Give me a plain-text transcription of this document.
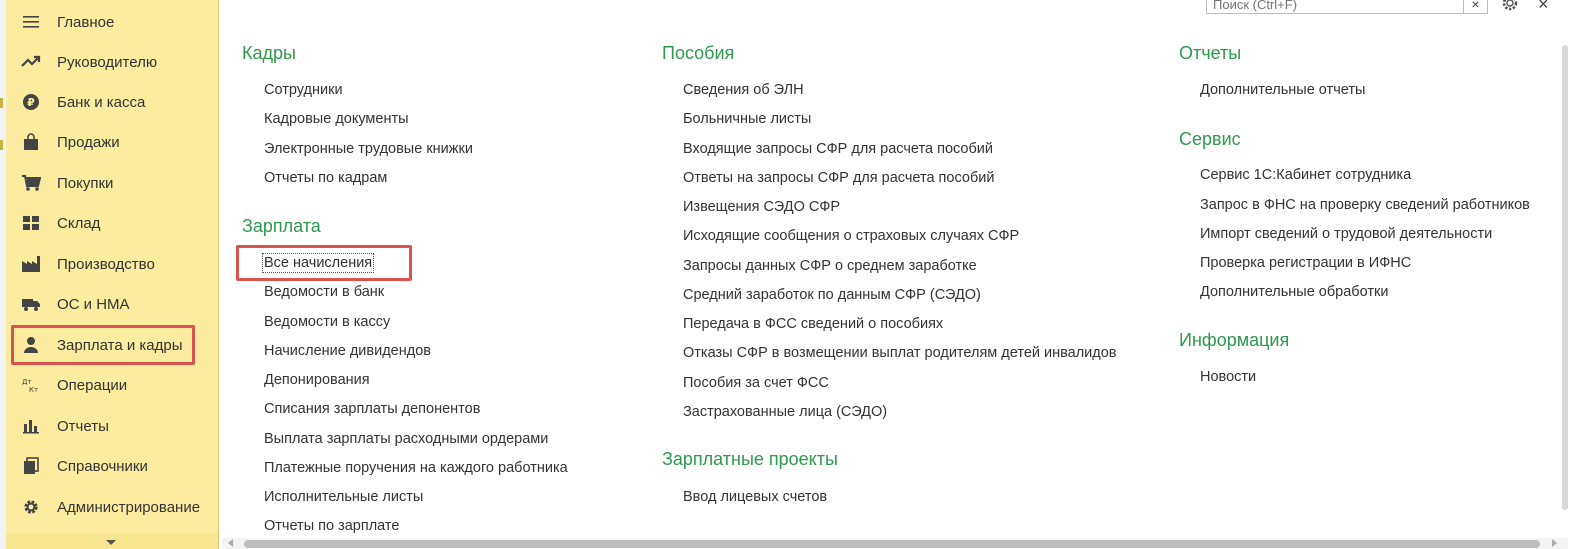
Главное
Руководителю
₽ Банк и касса
Продажи
Покупки
Склад
Производство
ОС и НМА
Зарплата и кадры
Дт
Кт Операции
Отчеты
Справочники
Администрирование
Поиск (Ctrl+F)
×	×
Кадры
Сотрудники
Кадровые документы
Электронные трудовые книжки
Отчеты по кадрам
Зарплата
Все начисления
Ведомости в банк
Ведомости в кассу
Начисление дивидендов
Депонирования
Списания зарплаты депонентов
Выплата зарплаты расходными ордерами
Платежные поручения на каждого работника
Исполнительные листы
Отчеты по зарплате
Пособия
Сведения об ЭЛН
Больничные листы
Входящие запросы СФР для расчета пособий
Ответы на запросы СФР для расчета пособий
Извещения СЭДО СФР
Исходящие сообщения о страховых случаях СФР
Запросы данных СФР о среднем заработке
Средний заработок по данным СФР (СЭДО)
Передача в ФСС сведений о пособиях
Отказы СФР в возмещении выплат родителям детей инвалидов
Пособия за счет ФСС
Застрахованные лица (СЭДО)
Зарплатные проекты
Ввод лицевых счетов
Отчеты
Дополнительные отчеты
Сервис
Сервис 1С:Кабинет сотрудника
Запрос в ФНС на проверку сведений работников
Импорт сведений о трудовой деятельности
Проверка регистрации в ИФНС
Дополнительные обработки
Информация
Новости
